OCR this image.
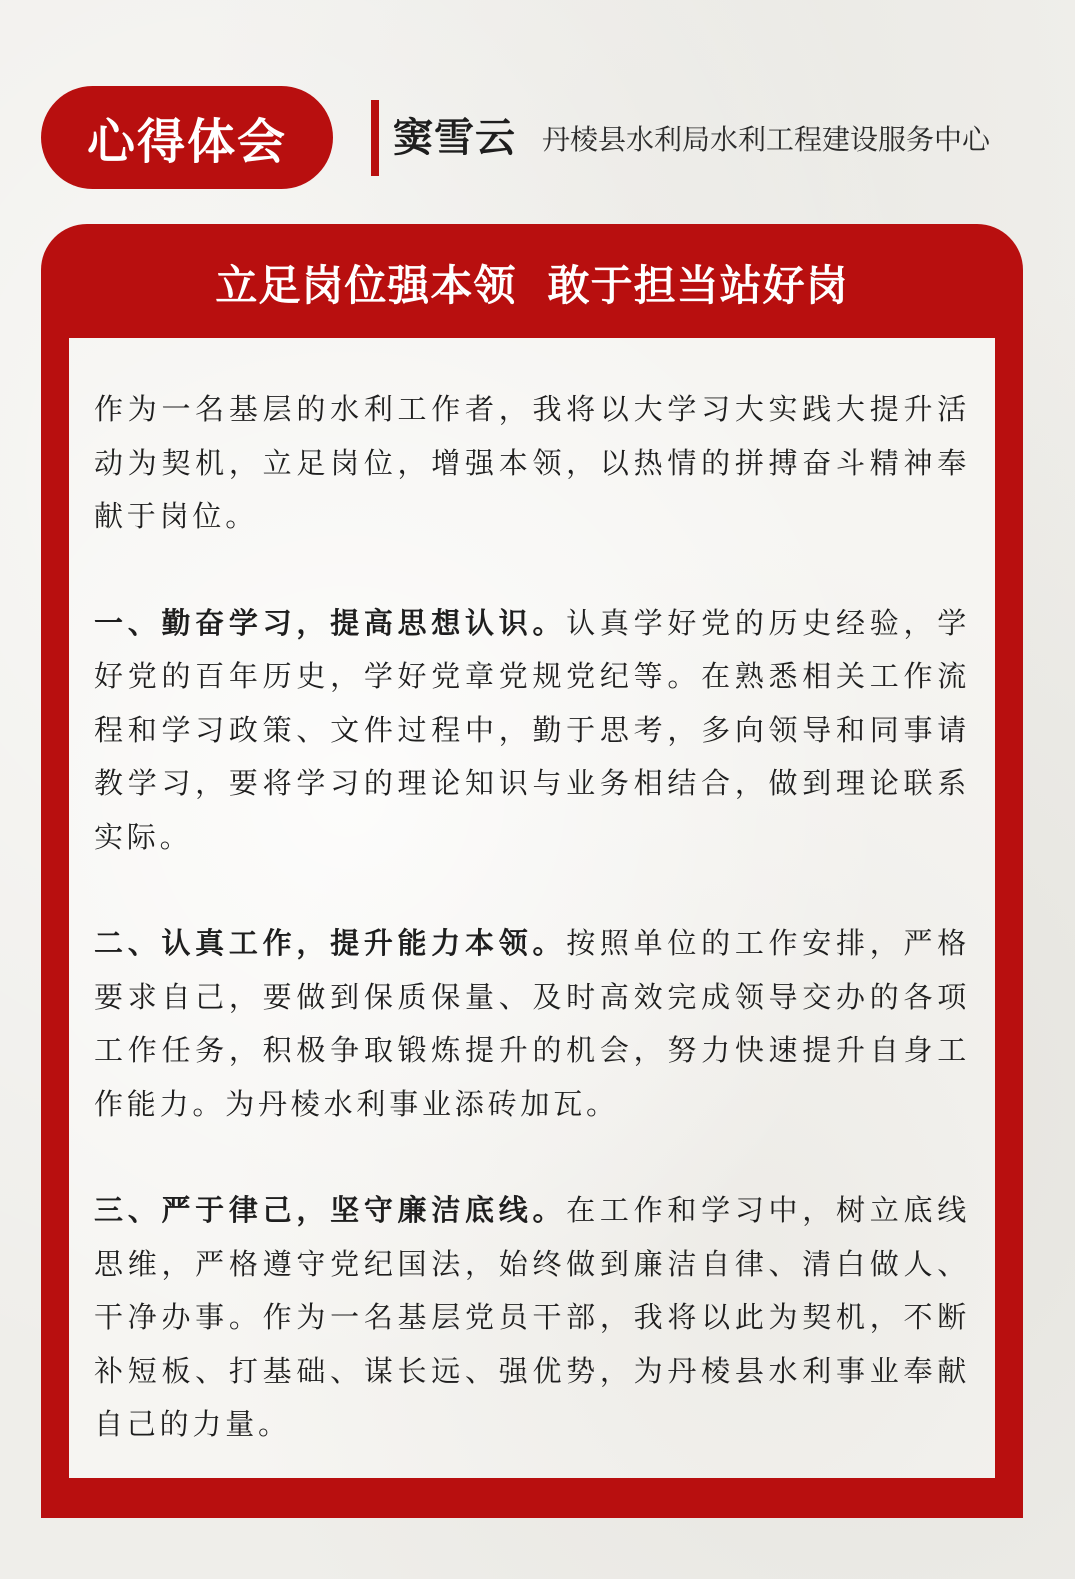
心得体会	窦雪云 丹棱县水利局水利工程建设服务中心
立足岗位强本领  敢于担当站好岗

作为一名基层的水利工作者，我将以大学习大实践大提升活动为契机，立足岗位，增强本领，以热情的拼搏奋斗精神奉献于岗位。

一、勤奋学习，提高思想认识。认真学好党的历史经验，学好党的百年历史，学好党章党规党纪等。在熟悉相关工作流程和学习政策、文件过程中，勤于思考，多向领导和同事请教学习，要将学习的理论知识与业务相结合，做到理论联系实际。

二、认真工作，提升能力本领。按照单位的工作安排，严格要求自己，要做到保质保量、及时高效完成领导交办的各项工作任务，积极争取锻炼提升的机会，努力快速提升自身工作能力。为丹棱水利事业添砖加瓦。

三、严于律己，坚守廉洁底线。在工作和学习中，树立底线思维，严格遵守党纪国法，始终做到廉洁自律、清白做人、干净办事。作为一名基层党员干部，我将以此为契机，不断补短板、打基础、谋长远、强优势，为丹棱县水利事业奉献自己的力量。
